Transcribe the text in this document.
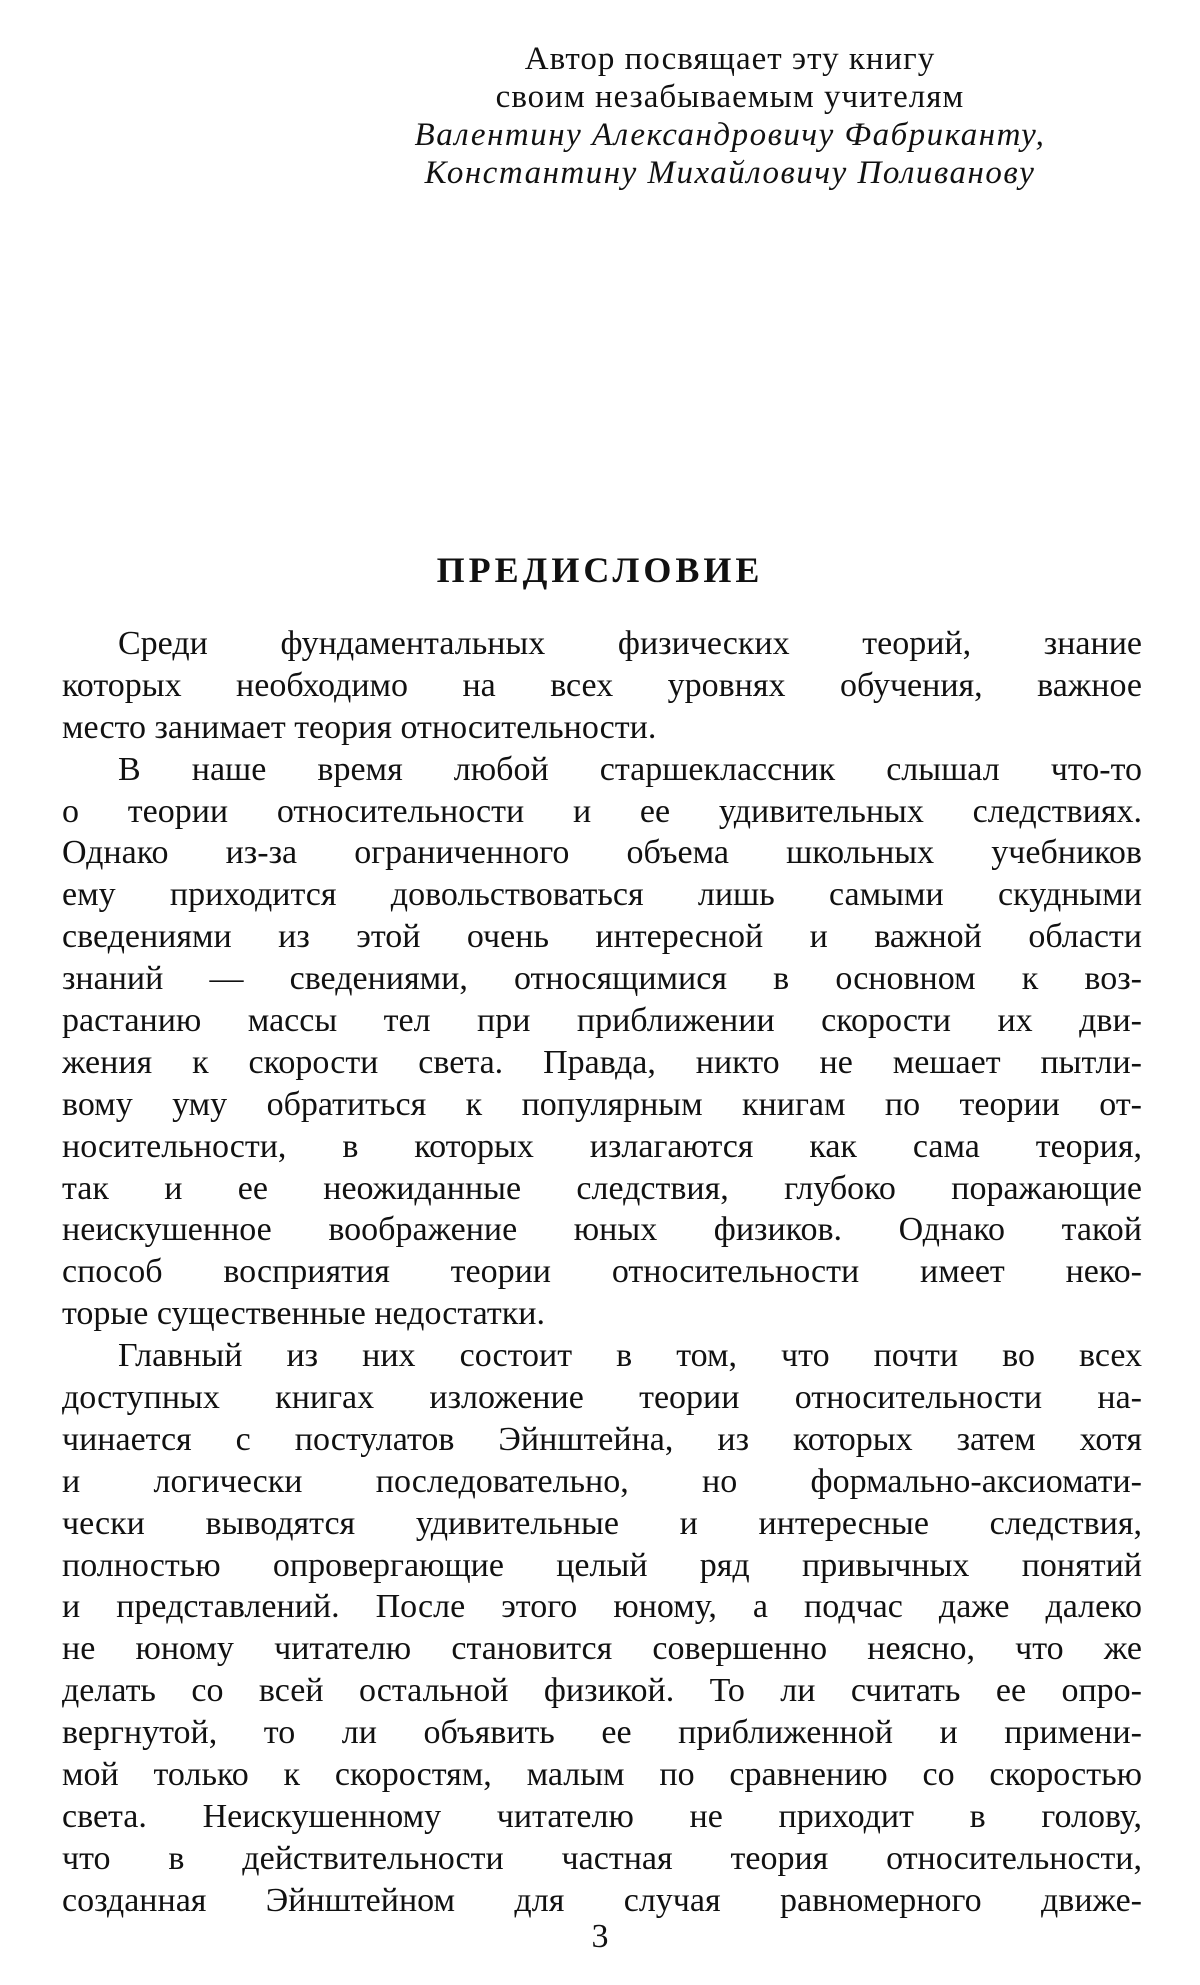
Автор посвящает эту книгу
своим незабываемым учителям
Валентину Александровичу Фабриканту,
Константину Михайловичу Поливанову
ПРЕДИСЛОВИЕ
Среди фундаментальных физических теорий, знание
которых необходимо на всех уровнях обучения, важное
место занимает теория относительности.
В наше время любой старшеклассник слышал что-то
о теории относительности и ее удивительных следствиях.
Однако из-за ограниченного объема школьных учебников
ему приходится довольствоваться лишь самыми скудными
сведениями из этой очень интересной и важной области
знаний — сведениями, относящимися в основном к воз-
растанию массы тел при приближении скорости их дви-
жения к скорости света. Правда, никто не мешает пытли-
вому уму обратиться к популярным книгам по теории от-
носительности, в которых излагаются как сама теория,
так и ее неожиданные следствия, глубоко поражающие
неискушенное воображение юных физиков. Однако такой
способ восприятия теории относительности имеет неко-
торые существенные недостатки.
Главный из них состоит в том, что почти во всех
доступных книгах изложение теории относительности на-
чинается с постулатов Эйнштейна, из которых затем хотя
и логически последовательно, но формально-аксиомати-
чески выводятся удивительные и интересные следствия,
полностью опровергающие целый ряд привычных понятий
и представлений. После этого юному, а подчас даже далеко
не юному читателю становится совершенно неясно, что же
делать со всей остальной физикой. То ли считать ее опро-
вергнутой, то ли объявить ее приближенной и примени-
мой только к скоростям, малым по сравнению со скоростью
света. Неискушенному читателю не приходит в голову,
что в действительности частная теория относительности,
созданная Эйнштейном для случая равномерного движе-
3
